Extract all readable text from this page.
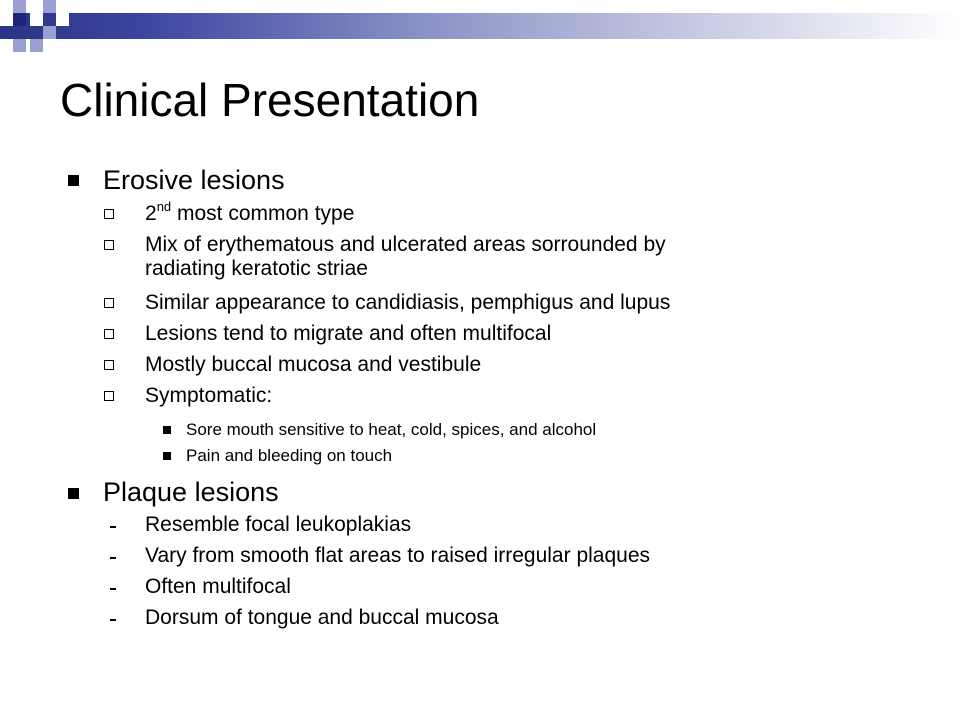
Clinical Presentation
Erosive lesions
2nd most common type
Mix of erythematous and ulcerated areas sorrounded by
radiating keratotic striae
Similar appearance to candidiasis, pemphigus and lupus
Lesions tend to migrate and often multifocal
Mostly buccal mucosa and vestibule
Symptomatic:
Sore mouth sensitive to heat, cold, spices, and alcohol
Pain and bleeding on touch
Plaque lesions
Resemble focal leukoplakias
Vary from smooth flat areas to raised irregular plaques
Often multifocal
Dorsum of tongue and buccal mucosa
